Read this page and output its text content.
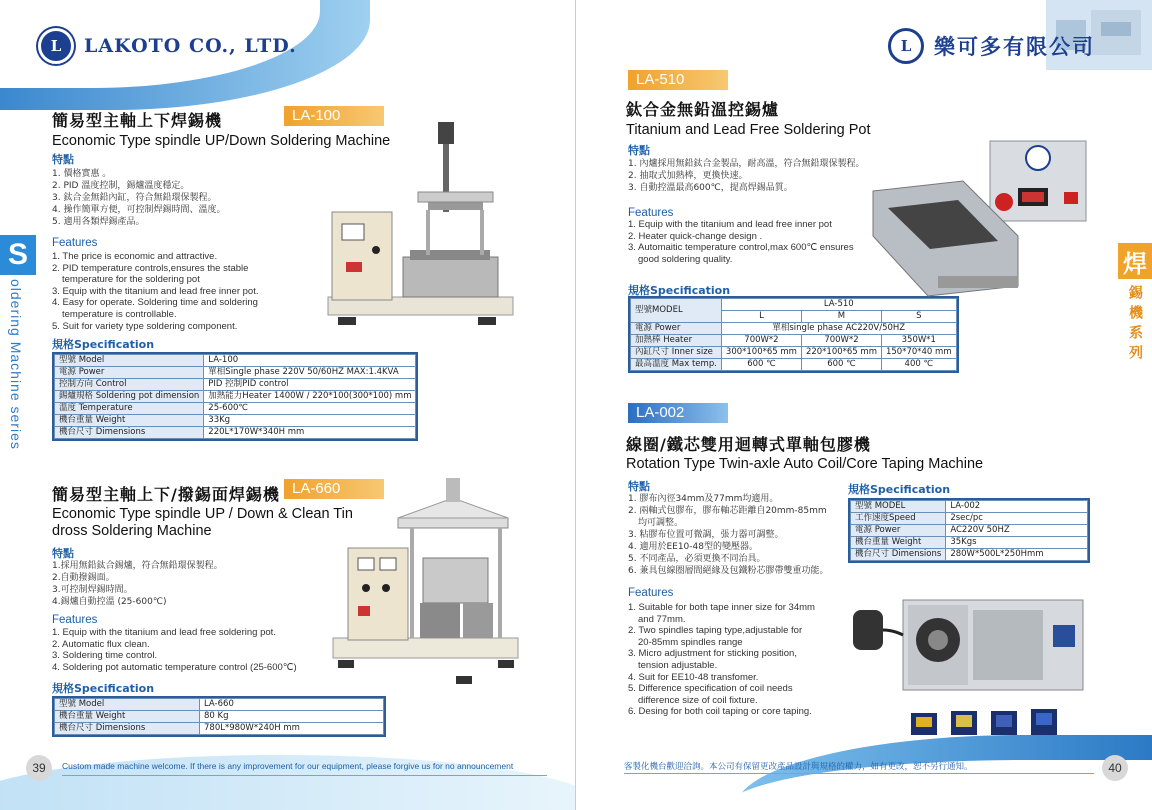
L	LAKOTO CO., LTD.
S
oldering Machine series
簡易型主軸上下焊錫機	LA-100
Economic Type spindle UP/Down Soldering Machine
特點
1. 價格實惠 。
2. PID 溫度控制，錫爐溫度穩定。
3. 鈦合金無鉛內缸，符合無鉛環保製程。
4. 操作簡單方便，可控制焊錫時間、溫度。
5. 適用各類焊錫產品。
Features
1. The price is economic and attractive.
2. PID temperature controls,ensures the stable
temperature for the soldering pot
3. Equip with the titanium and lead free inner pot.
4. Easy for operate. Soldering time and soldering
temperature is controllable.
5. Suit for variety type soldering component.
規格Specification
型號 Model	LA-100
電源 Power	單相Single phase 220V 50/60HZ MAX:1.4KVA
控制方向 Control	PID 控制PID control
錫爐規格 Soldering pot dimension	加熱能力Heater 1400W / 220*100(300*100) mm
溫度 Temperature	25-600℃
機台重量 Weight	33Kg
機台尺寸 Dimensions	220L*170W*340H mm
簡易型主軸上下/撥錫面焊錫機 LA-660
Economic Type spindle UP / Down & Clean Tin
dross Soldering Machine
特點
1.採用無鉛鈦合錫爐，符合無鉛環保製程。
2.自動撥錫面。
3.可控制焊錫時間。
4.錫爐自動控溫 (25-600℃)
Features
1. Equip with the titanium and lead free soldering pot.
2. Automatic flux clean.
3. Soldering time control.
4. Soldering pot automatic temperature control (25-600℃)
規格Specification
型號 Model	LA-660
機台重量 Weight	80 Kg
機台尺寸 Dimensions	780L*980W*240H mm
39	Custom made machine welcome. If there is any improvement for our equipment, please forgive us for no announcement
L	樂可多有限公司
焊
錫機系列
LA-510
鈦合金無鉛溫控錫爐
Titanium and Lead Free Soldering Pot
特點
1. 內爐採用無鉛鈦合金製品，耐高溫，符合無鉛環保製程。
2. 抽取式加熱棒，更換快速。
3. 自動控溫最高600℃，提高焊錫品質。
Features
1. Equip with the titanium and lead free inner pot
2. Heater quick-change design .
3. Automaitic temperature control,max 600℃ ensures
good soldering quality.
規格Specification
型號MODEL	LA-510		
	L	M	S
電源 Power	單相single phase AC220V/50HZ		
加熱棒 Heater	700W*2	700W*2	350W*1
內缸尺寸 Inner size	300*100*65 mm	220*100*65 mm	150*70*40 mm
最高溫度 Max temp.	600 ℃	600 ℃	400 ℃
LA-002
線圈/鐵芯雙用迴轉式單軸包膠機
Rotation Type Twin-axle Auto Coil/Core Taping Machine
特點
1. 膠布內徑34mm及77mm均適用。
2. 兩軸式包膠布，膠布軸芯距離自20mm-85mm
均可調整。
3. 粘膠布位置可微調，張力器可調整。
4. 適用於EE10-48型的變壓器。
5. 不同產品，必須更換不同治具。
6. 兼具包線圈層間絕緣及包鐵粉芯膠帶雙重功能。
Features
1. Suitable for both tape inner size for 34mm
and 77mm.
2. Two spindles taping type,adjustable for
20-85mm spindles range
3. Micro adjustment for sticking position,
tension adjustable.
4. Suit for EE10-48 transfomer.
5. Difference specification of coil needs
difference size of coil fixture.
6. Desing for both coil taping or core taping.
規格Specification
型號 MODEL	LA-002
工作速度Speed	2sec/pc
電源 Power	AC220V 50HZ
機台重量 Weight	35Kgs
機台尺寸 Dimensions	280W*500L*250Hmm
客製化機台歡迎洽詢。本公司有保留更改產品設計與規格的權力，如有更改，恕不另行通知。	40
